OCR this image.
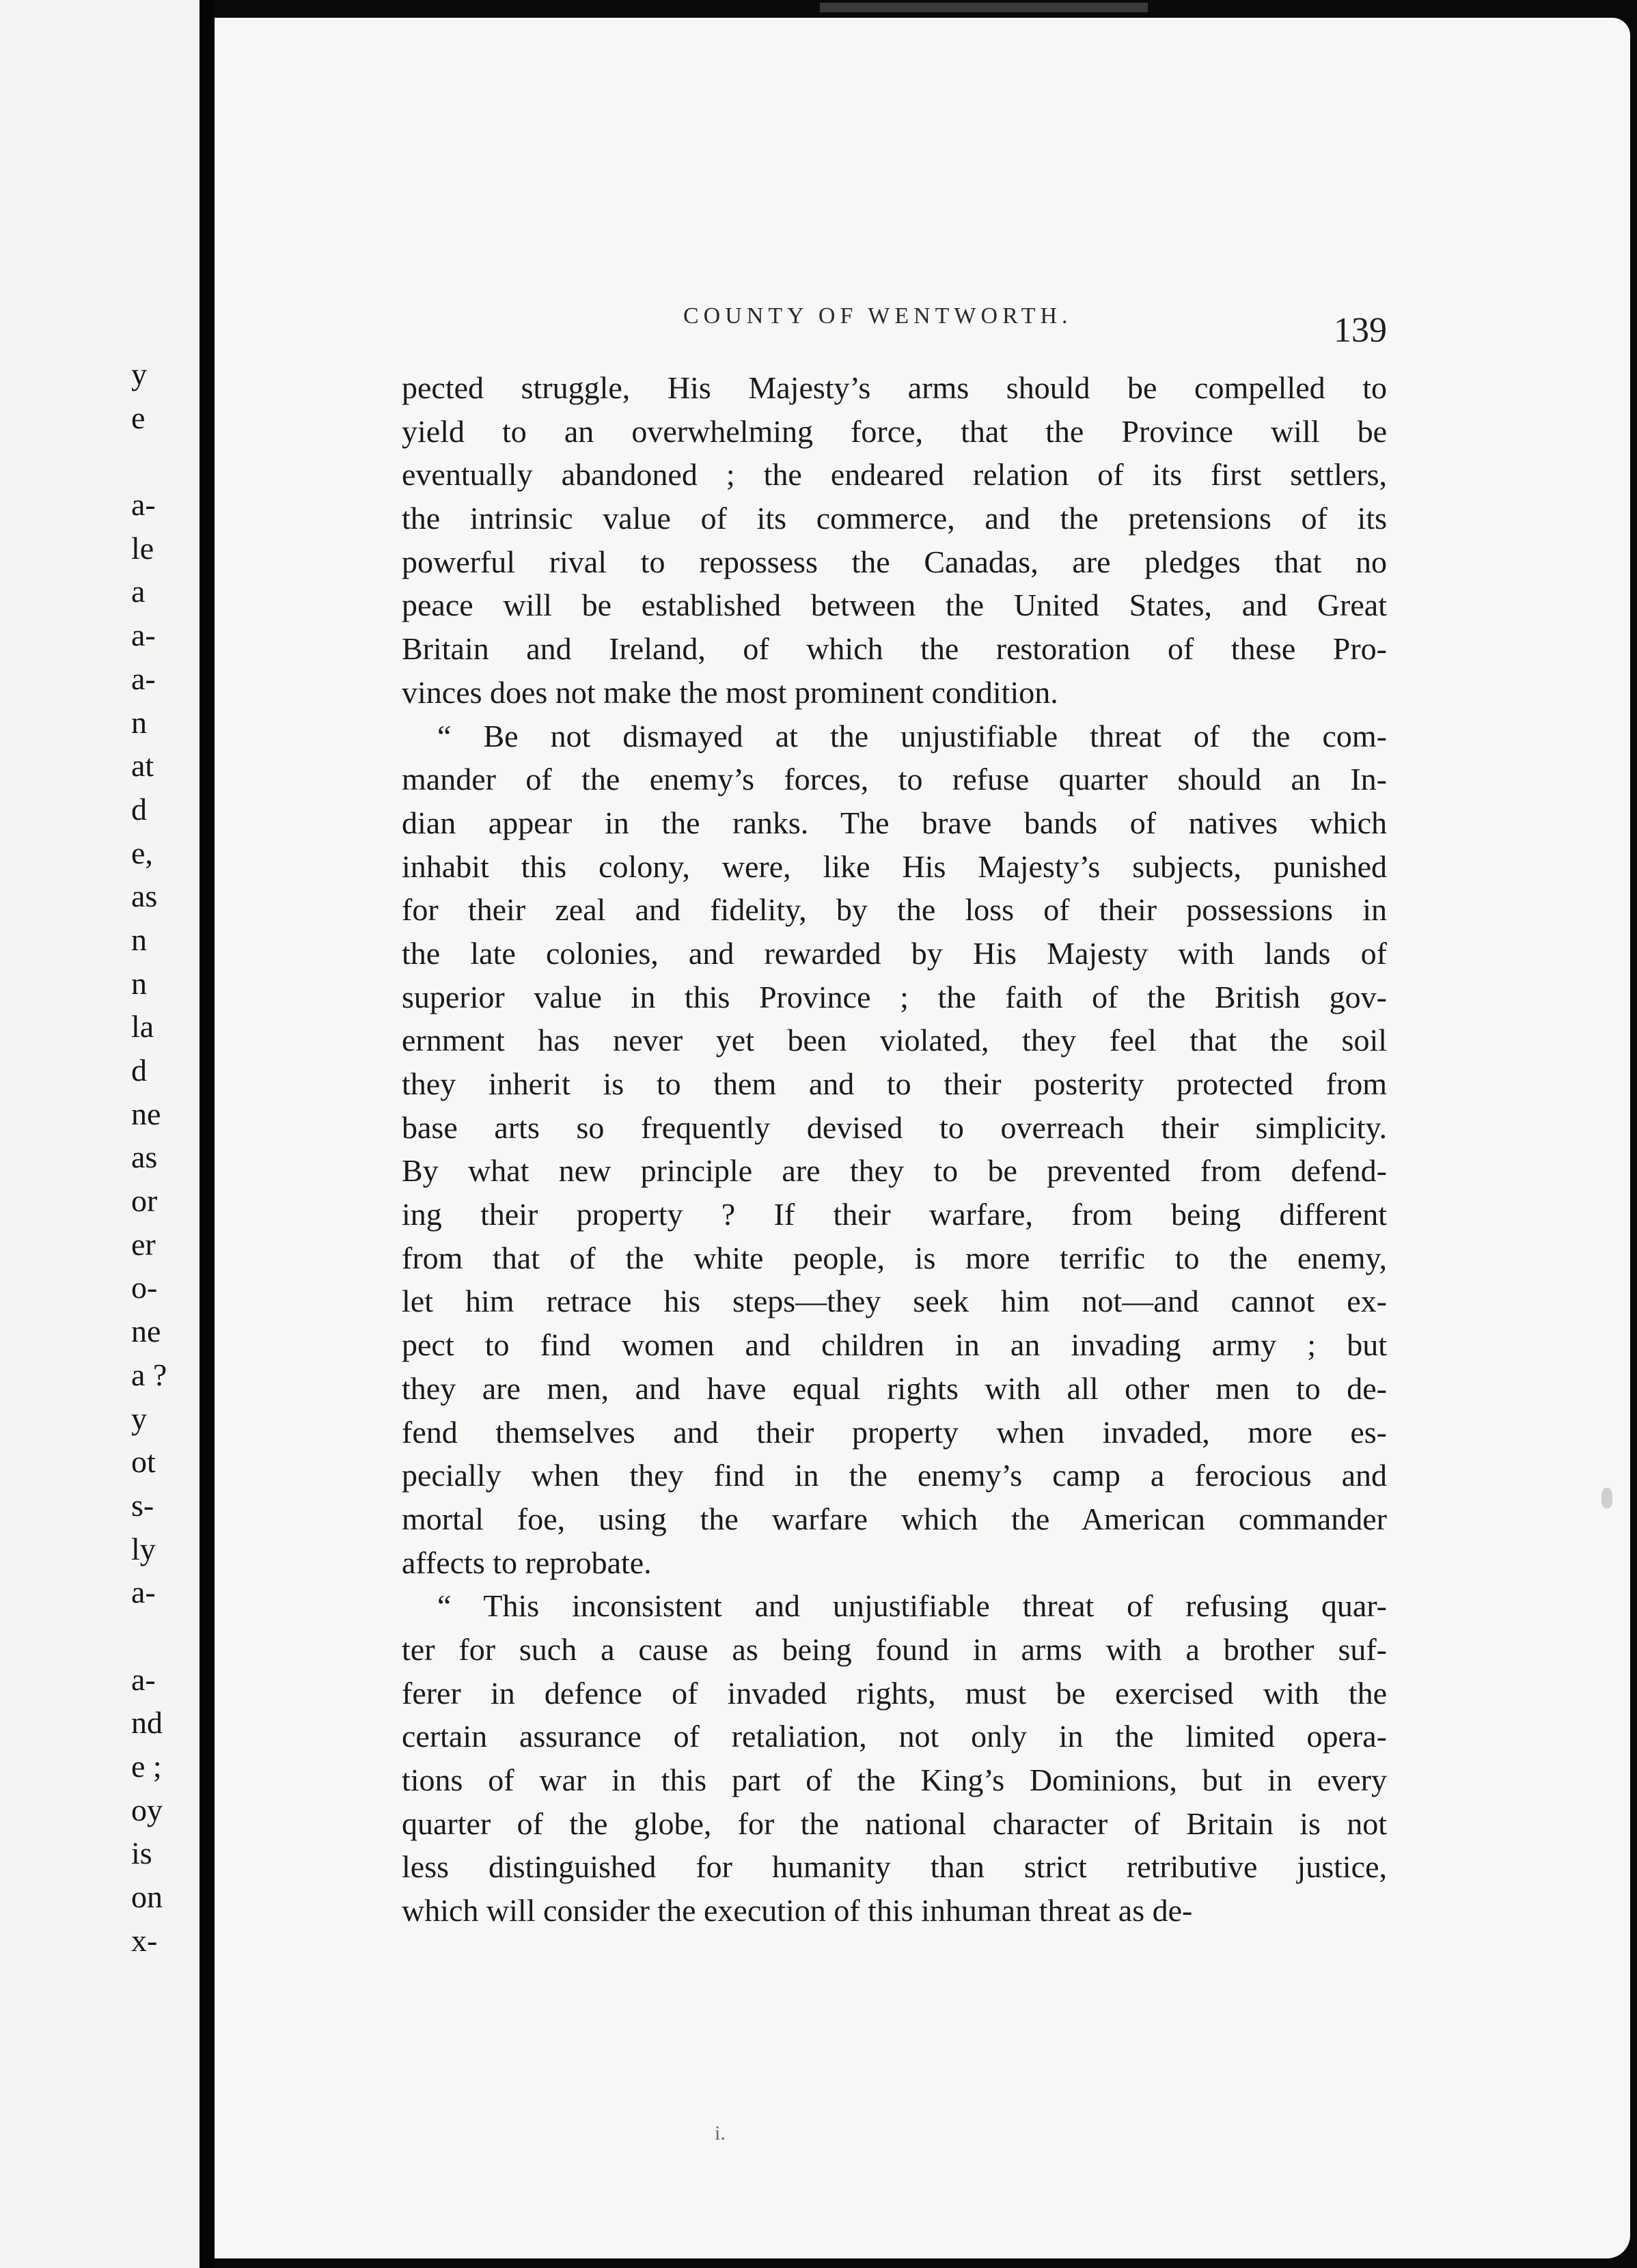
y
e
a-
le
a
a-
a-
n
at
d
e,
as
n
n
la
d
ne
as
or
er
o-
ne
a ?
y
ot
s-
ly
a-
a-
nd
e ;
oy
is
on
x-
COUNTY OF WENTWORTH.	139
pected struggle, His Majesty’s arms should be compelled to
yield to an overwhelming force, that the Province will be
eventually abandoned ; the endeared relation of its first settlers,
the intrinsic value of its commerce, and the pretensions of its
powerful rival to repossess the Canadas, are pledges that no
peace will be established between the United States, and Great
Britain and Ireland, of which the restoration of these Pro-
vinces does not make the most prominent condition.
“ Be not dismayed at the unjustifiable threat of the com-
mander of the enemy’s forces, to refuse quarter should an In-
dian appear in the ranks. The brave bands of natives which
inhabit this colony, were, like His Majesty’s subjects, punished
for their zeal and fidelity, by the loss of their possessions in
the late colonies, and rewarded by His Majesty with lands of
superior value in this Province ; the faith of the British gov-
ernment has never yet been violated, they feel that the soil
they inherit is to them and to their posterity protected from
base arts so frequently devised to overreach their simplicity.
By what new principle are they to be prevented from defend-
ing their property ? If their warfare, from being different
from that of the white people, is more terrific to the enemy,
let him retrace his steps—they seek him not—and cannot ex-
pect to find women and children in an invading army ; but
they are men, and have equal rights with all other men to de-
fend themselves and their property when invaded, more es-
pecially when they find in the enemy’s camp a ferocious and
mortal foe, using the warfare which the American commander
affects to reprobate.
“ This inconsistent and unjustifiable threat of refusing quar-
ter for such a cause as being found in arms with a brother suf-
ferer in defence of invaded rights, must be exercised with the
certain assurance of retaliation, not only in the limited opera-
tions of war in this part of the King’s Dominions, but in every
quarter of the globe, for the national character of Britain is not
less distinguished for humanity than strict retributive justice,
which will consider the execution of this inhuman threat as de-
i.
